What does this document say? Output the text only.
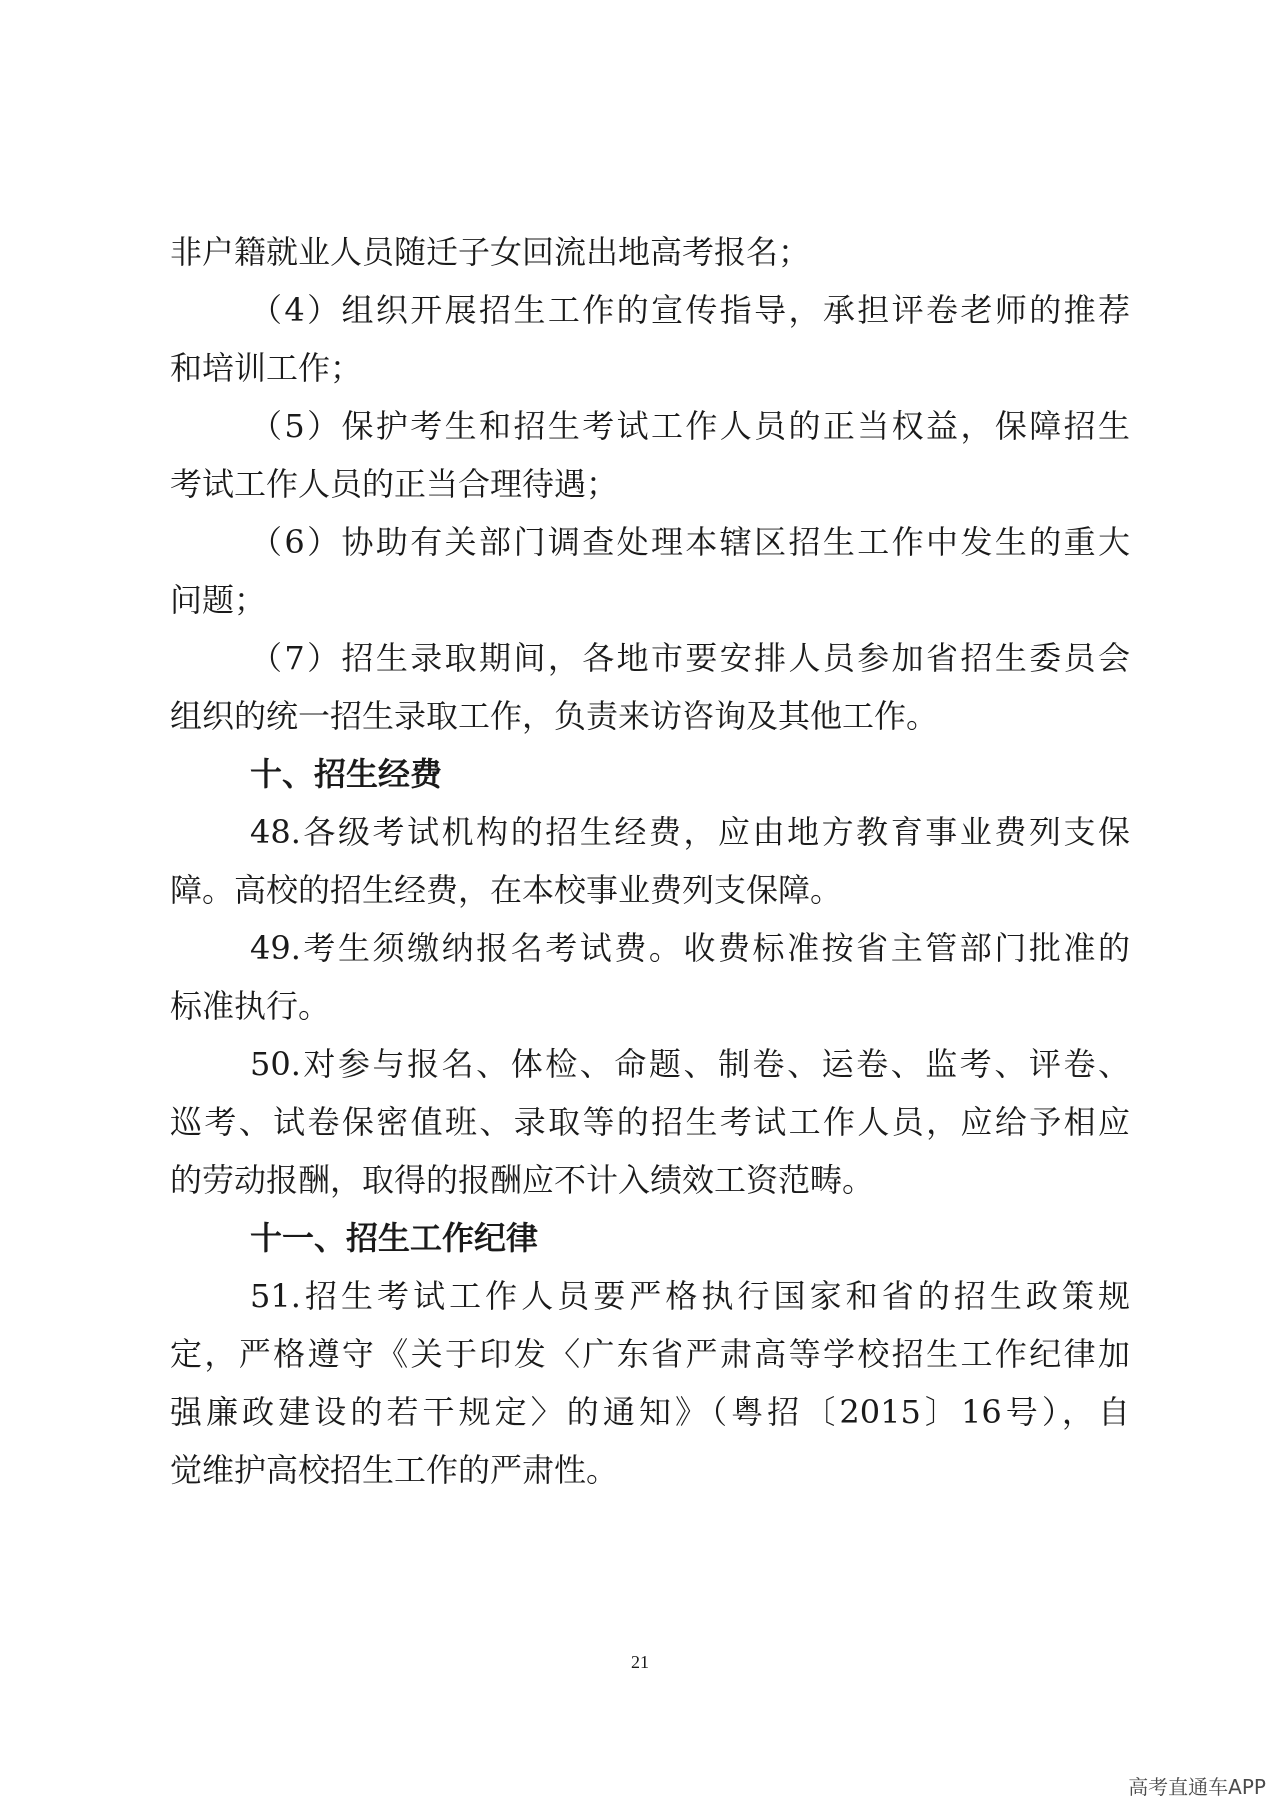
非户籍就业人员随迁子女回流出地高考报名；
（4）组织开展招生工作的宣传指导，承担评卷老师的推荐
和培训工作；
（5）保护考生和招生考试工作人员的正当权益，保障招生
考试工作人员的正当合理待遇；
（6）协助有关部门调查处理本辖区招生工作中发生的重大
问题；
（7）招生录取期间，各地市要安排人员参加省招生委员会
组织的统一招生录取工作，负责来访咨询及其他工作。
十、招生经费
48.各级考试机构的招生经费，应由地方教育事业费列支保
障。高校的招生经费，在本校事业费列支保障。
49.考生须缴纳报名考试费。收费标准按省主管部门批准的
标准执行。
50.对参与报名、体检、命题、制卷、运卷、监考、评卷、
巡考、试卷保密值班、录取等的招生考试工作人员，应给予相应
的劳动报酬，取得的报酬应不计入绩效工资范畴。
十一、招生工作纪律
51.招生考试工作人员要严格执行国家和省的招生政策规
定，严格遵守《关于印发〈广东省严肃高等学校招生工作纪律加
强廉政建设的若干规定〉的通知》（粤招〔2015〕16号），自
觉维护高校招生工作的严肃性。
21
高考直通车APP
